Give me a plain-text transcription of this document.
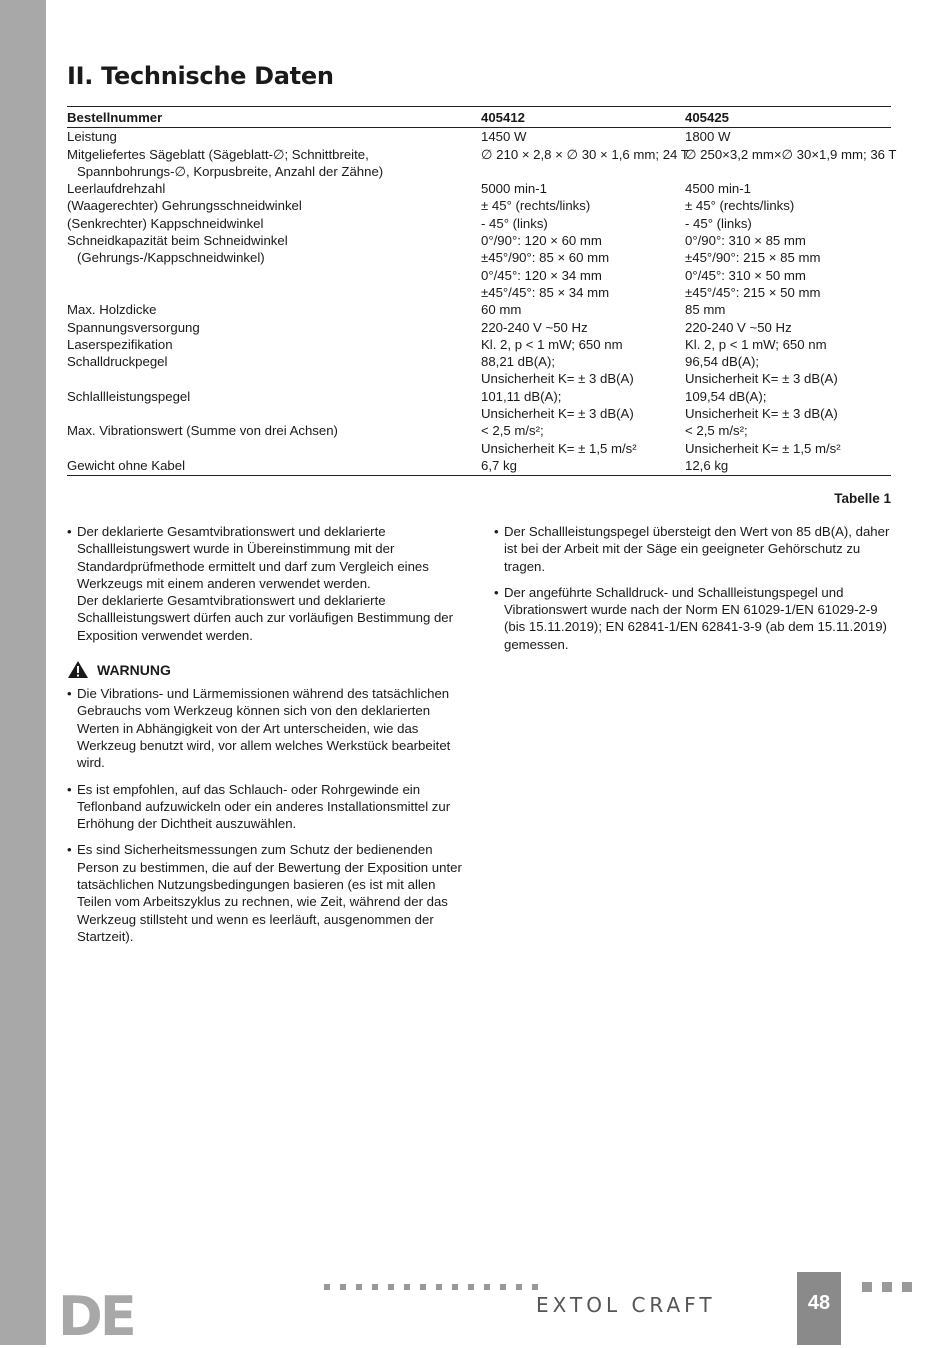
DE
II. Technische Daten
Bestellnummer	405412	405425
Leistung	1450 W	1800 W
Mitgeliefertes Sägeblatt (Sägeblatt-∅; Schnittbreite,	∅ 210 × 2,8 × ∅ 30 × 1,6 mm; 24 T	∅ 250×3,2 mm×∅ 30×1,9 mm; 36 T
Spannbohrungs-∅, Korpusbreite, Anzahl der Zähne)		
Leerlaufdrehzahl	5000 min-1	4500 min-1
(Waagerechter) Gehrungsschneidwinkel	± 45° (rechts/links)	± 45° (rechts/links)
(Senkrechter) Kappschneidwinkel	- 45° (links)	- 45° (links)
Schneidkapazität beim Schneidwinkel	0°/90°: 120 × 60 mm	0°/90°: 310 × 85 mm
(Gehrungs-/Kappschneidwinkel)	±45°/90°: 85 × 60 mm	±45°/90°: 215 × 85 mm
	0°/45°: 120 × 34 mm	0°/45°: 310 × 50 mm
	±45°/45°: 85 × 34 mm	±45°/45°: 215 × 50 mm
Max. Holzdicke	60 mm	85 mm
Spannungsversorgung	220-240 V ~50 Hz	220-240 V ~50 Hz
Laserspezifikation	Kl. 2, p < 1 mW; 650 nm	Kl. 2, p < 1 mW; 650 nm
Schalldruckpegel	88,21 dB(A);	96,54 dB(A);
	Unsicherheit K= ± 3 dB(A)	Unsicherheit K= ± 3 dB(A)
Schlallleistungspegel	101,11 dB(A);	109,54 dB(A);
	Unsicherheit K= ± 3 dB(A)	Unsicherheit K= ± 3 dB(A)
Max. Vibrationswert (Summe von drei Achsen)	< 2,5 m/s²;	< 2,5 m/s²;
	Unsicherheit K= ± 1,5 m/s²	Unsicherheit K= ± 1,5 m/s²
Gewicht ohne Kabel	6,7 kg	12,6 kg
Tabelle 1
• Der deklarierte Gesamtvibrationswert und deklarierte Schallleistungswert wurde in Übereinstimmung mit der Standardprüfmethode ermittelt und darf zum Vergleich eines Werkzeugs mit einem anderen verwendet werden.
Der deklarierte Gesamtvibrationswert und deklarierte Schallleistungswert dürfen auch zur vorläufigen Bestimmung der Exposition verwendet werden.
WARNUNG
• Die Vibrations- und Lärmemissionen während des tatsächlichen Gebrauchs vom Werkzeug können sich von den deklarierten Werten in Abhängigkeit von der Art unterscheiden, wie das Werkzeug benutzt wird, vor allem welches Werkstück bearbeitet wird.
• Es ist empfohlen, auf das Schlauch- oder Rohrgewinde ein Teflonband aufzuwickeln oder ein anderes Installationsmittel zur Erhöhung der Dichtheit auszuwählen.
• Es sind Sicherheitsmessungen zum Schutz der bedienenden Person zu bestimmen, die auf der Bewertung der Exposition unter tatsächlichen Nutzungsbedingungen basieren (es ist mit allen Teilen vom Arbeitszyklus zu rechnen, wie Zeit, während der das Werkzeug stillsteht und wenn es leerläuft, ausgenommen der Startzeit).
• Der Schallleistungspegel übersteigt den Wert von 85 dB(A), daher ist bei der Arbeit mit der Säge ein geeigneter Gehörschutz zu tragen.
• Der angeführte Schalldruck- und Schallleistungspegel und Vibrationswert wurde nach der Norm EN 61029-1/EN 61029-2-9 (bis 15.11.2019); EN 62841-1/EN 62841-3-9 (ab dem 15.11.2019) gemessen.
EXTOL CRAFT	48
